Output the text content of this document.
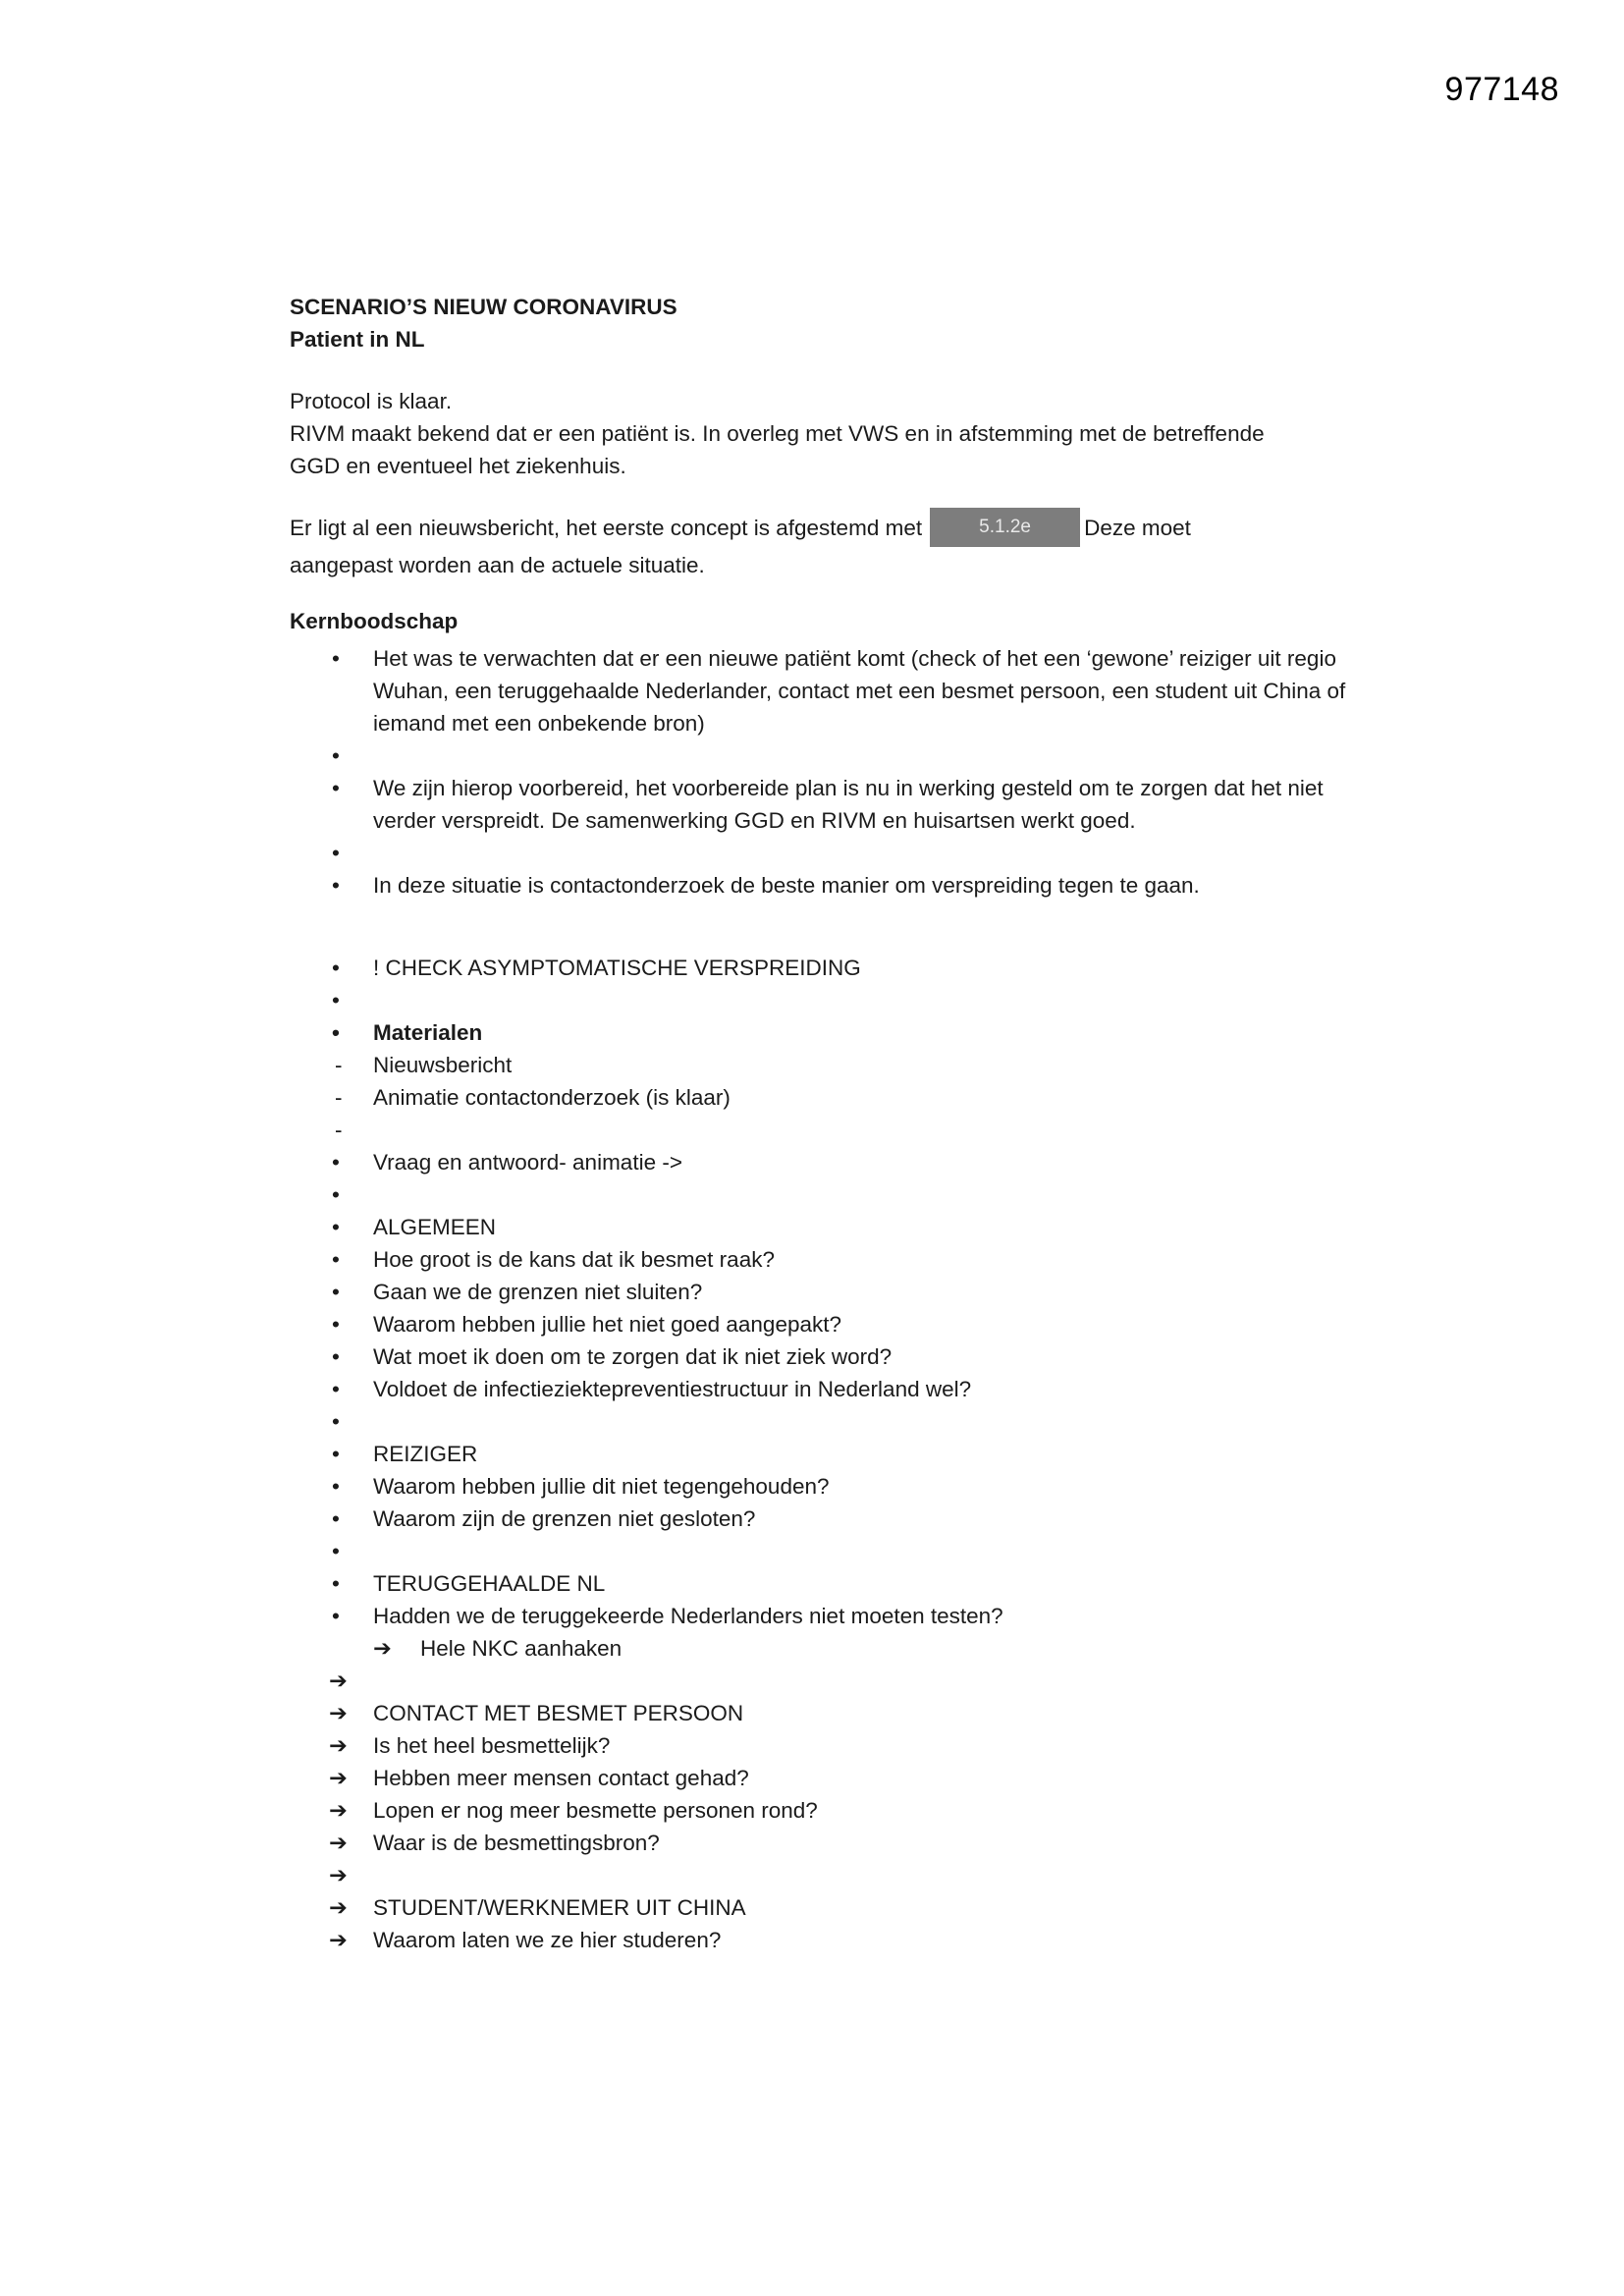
977148
SCENARIO’S NIEUW CORONAVIRUS
Patient in NL

Protocol is klaar.
RIVM maakt bekend dat er een patiënt is. In overleg met VWS en in afstemming met de betreffende
GGD en eventueel het ziekenhuis.

Er ligt al een nieuwsbericht, het eerste concept is afgestemd met	5.1.2e Deze moet
aangepast worden aan de actuele situatie.

Kernboodschap
• Het was te verwachten dat er een nieuwe patiënt komt (check of het een ‘gewone’ reiziger uit regio Wuhan, een teruggehaalde Nederlander, contact met een besmet persoon, een student uit China of iemand met een onbekende bron)
•
• We zijn hierop voorbereid, het voorbereide plan is nu in werking gesteld om te zorgen dat het niet verder verspreidt. De samenwerking GGD en RIVM en huisartsen werkt goed.
•
• In deze situatie is contactonderzoek de beste manier om verspreiding tegen te gaan.
• ! CHECK ASYMPTOMATISCHE VERSPREIDING
•
• Materialen
- Nieuwsbericht
- Animatie contactonderzoek (is klaar)
-
• Vraag en antwoord- animatie ->
•
• ALGEMEEN
• Hoe groot is de kans dat ik besmet raak?
• Gaan we de grenzen niet sluiten?
• Waarom hebben jullie het niet goed aangepakt?
• Wat moet ik doen om te zorgen dat ik niet ziek word?
• Voldoet de infectieziektepreventiestructuur in Nederland wel?
•
• REIZIGER
• Waarom hebben jullie dit niet tegengehouden?
• Waarom zijn de grenzen niet gesloten?
•
• TERUGGEHAALDE NL
• Hadden we de teruggekeerde Nederlanders niet moeten testen?
➔ Hele NKC aanhaken
➔
➔ CONTACT MET BESMET PERSOON
➔ Is het heel besmettelijk?
➔ Hebben meer mensen contact gehad?
➔ Lopen er nog meer besmette personen rond?
➔ Waar is de besmettingsbron?
➔
➔ STUDENT/WERKNEMER UIT CHINA
➔ Waarom laten we ze hier studeren?
